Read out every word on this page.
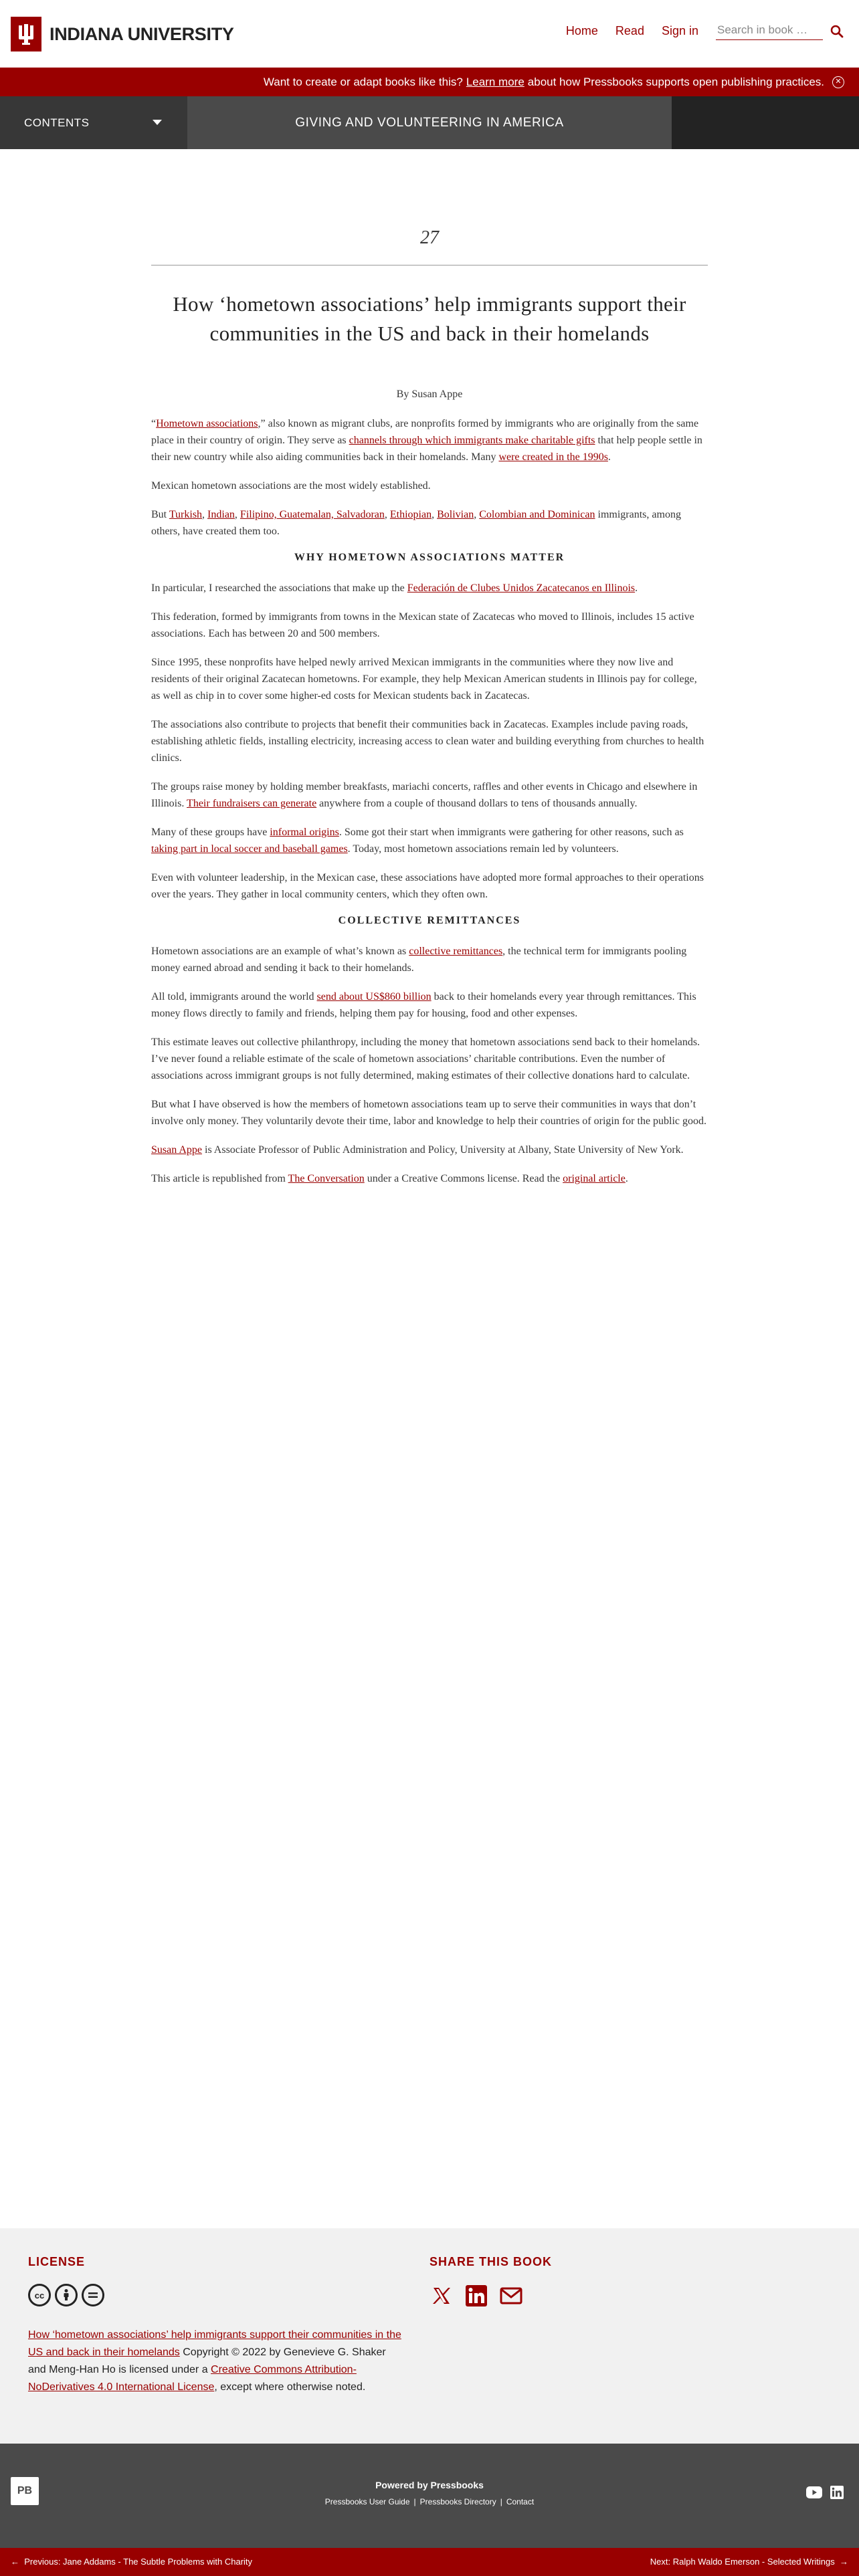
INDIANA UNIVERSITY	Home Read Sign in
Search in book …
Want to create or adapt books like this? Learn more about how Pressbooks supports open publishing practices.	✕
CONTENTS	GIVING AND VOLUNTEERING IN AMERICA
27
How ‘hometown associations’ help immigrants support their communities in the US and back in their homelands

By Susan Appe

“Hometown associations,” also known as migrant clubs, are nonprofits formed by immigrants who are originally from the same place in their country of origin. They serve as channels through which immigrants make charitable gifts that help people settle in their new country while also aiding communities back in their homelands. Many were created in the 1990s.

Mexican hometown associations are the most widely established.

But Turkish, Indian, Filipino, Guatemalan, Salvadoran, Ethiopian, Bolivian, Colombian and Dominican immigrants, among others, have created them too.

WHY HOMETOWN ASSOCIATIONS MATTER

In particular, I researched the associations that make up the Federación de Clubes Unidos Zacatecanos en Illinois.

This federation, formed by immigrants from towns in the Mexican state of Zacatecas who moved to Illinois, includes 15 active associations. Each has between 20 and 500 members.

Since 1995, these nonprofits have helped newly arrived Mexican immigrants in the communities where they now live and residents of their original Zacatecan hometowns. For example, they help Mexican American students in Illinois pay for college, as well as chip in to cover some higher-ed costs for Mexican students back in Zacatecas.

The associations also contribute to projects that benefit their communities back in Zacatecas. Examples include paving roads, establishing athletic fields, installing electricity, increasing access to clean water and building everything from churches to health clinics.

The groups raise money by holding member breakfasts, mariachi concerts, raffles and other events in Chicago and elsewhere in Illinois. Their fundraisers can generate anywhere from a couple of thousand dollars to tens of thousands annually.

Many of these groups have informal origins. Some got their start when immigrants were gathering for other reasons, such as taking part in local soccer and baseball games. Today, most hometown associations remain led by volunteers.

Even with volunteer leadership, in the Mexican case, these associations have adopted more formal approaches to their operations over the years. They gather in local community centers, which they often own.

COLLECTIVE REMITTANCES

Hometown associations are an example of what’s known as collective remittances, the technical term for immigrants pooling money earned abroad and sending it back to their homelands.

All told, immigrants around the world send about US$860 billion back to their homelands every year through remittances. This money flows directly to family and friends, helping them pay for housing, food and other expenses.

This estimate leaves out collective philanthropy, including the money that hometown associations send back to their homelands. I’ve never found a reliable estimate of the scale of hometown associations’ charitable contributions. Even the number of associations across immigrant groups is not fully determined, making estimates of their collective donations hard to calculate.

But what I have observed is how the members of hometown associations team up to serve their communities in ways that don’t involve only money. They voluntarily devote their time, labor and knowledge to help their countries of origin for the public good.

Susan Appe is Associate Professor of Public Administration and Policy, University at Albany, State University of New York.

This article is republished from The Conversation under a Creative Commons license. Read the original article.

LICENSE
cc

How ‘hometown associations’ help immigrants support their communities in the US and back in their homelands Copyright © 2022 by Genevieve G. Shaker and Meng-Han Ho is licensed under a Creative Commons Attribution-NoDerivatives 4.0 International License, except where otherwise noted.

SHARE THIS BOOK
PB	Powered by Pressbooks
Pressbooks User Guide | Pressbooks Directory | Contact
←  Previous: Jane Addams - The Subtle Problems with Charity	Next: Ralph Waldo Emerson - Selected Writings  →
